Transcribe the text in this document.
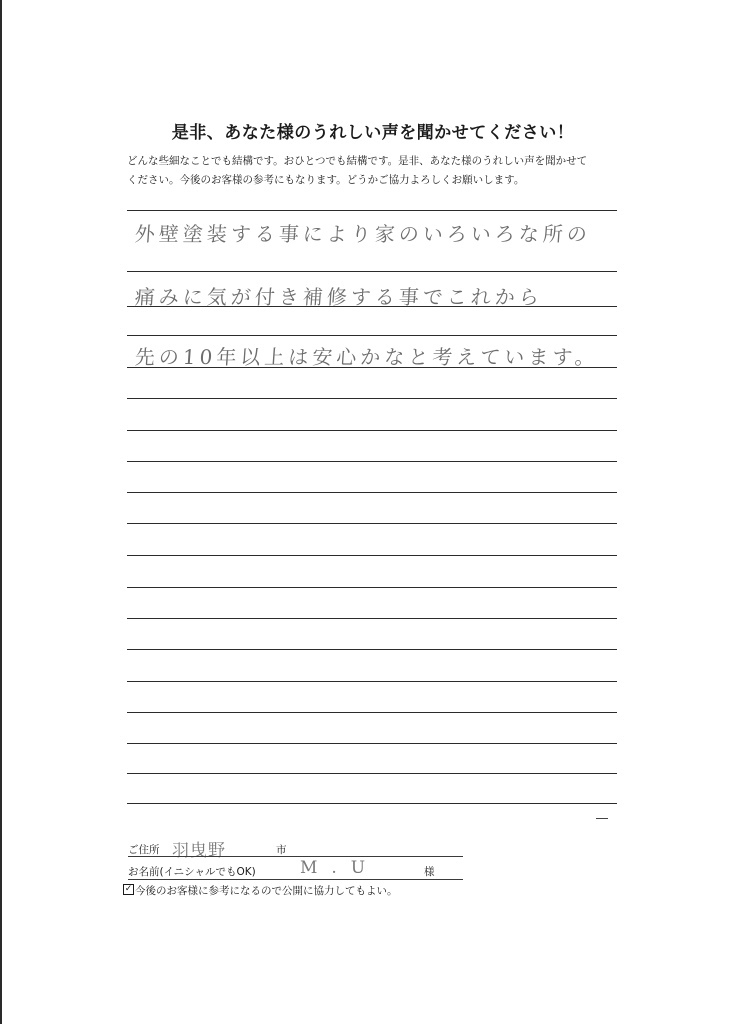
是非、あなた様のうれしい声を聞かせてください！
どんな些細なことでも結構です。おひとつでも結構です。是非、あなた様のうれしい声を聞かせて
ください。今後のお客様の参考にもなります。どうかご協力よろしくお願いします。
外壁塗装する事により家のいろいろな所の
痛みに気が付き補修する事でこれから
先の10年以上は安心かなと考えています。
ご住所 羽曳野	市
お名前(イニシャルでもOK)	M.U	様
✓ 今後のお客様に参考になるので公開に協力してもよい。
